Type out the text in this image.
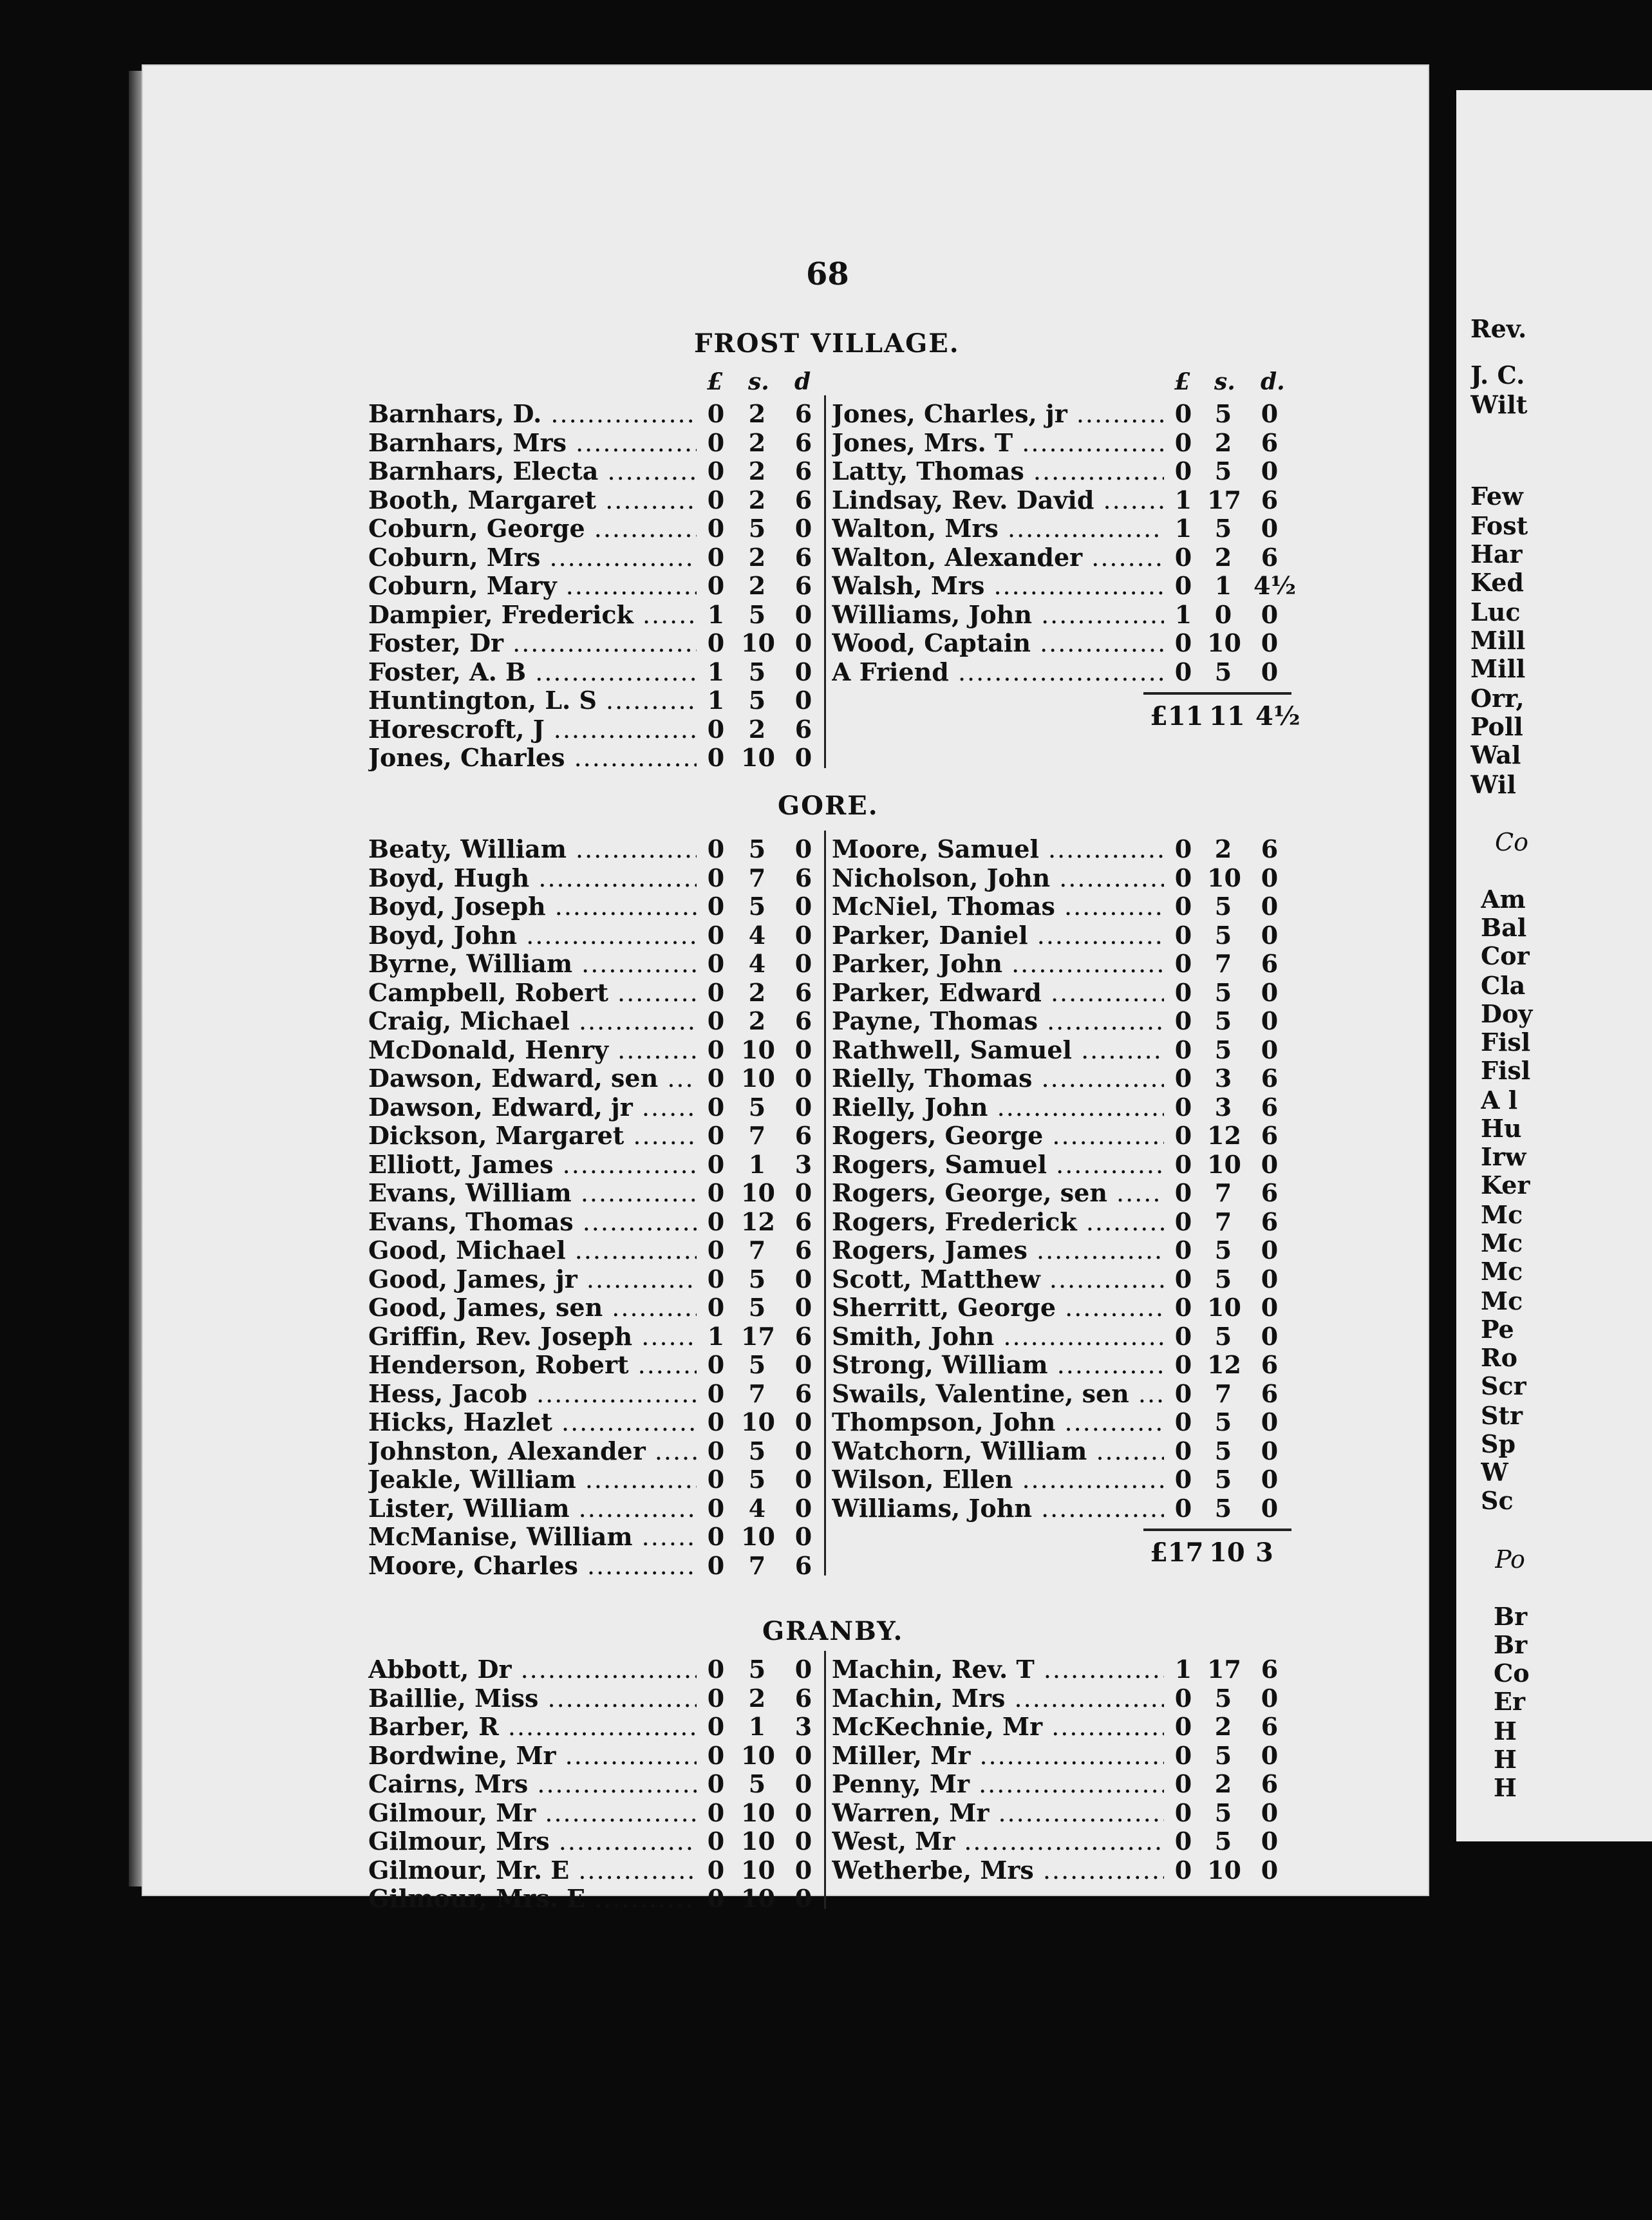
Rev.
J. C.
Wilt
Few
Fost
Har
Ked
Luc
Mill
Mill
Orr,
Poll
Wal
Wil
Co
Am
Bal
Cor
Cla
Doy
Fisl
Fisl
A l
Hu
Irw
Ker
Mc
Mc
Mc
Mc
Pe
Ro
Scr
Str
Sp
W
Sc
Po
Br
Br
Co
Er
H
H
H
68
FROST VILLAGE.
£ s. d	£ s. d.
Barnhars, D. .....	0 2	6
Barnhars, Mrs .....	0 2	6
Barnhars, Electa .....	0 2	6
Booth, Margaret .....	0 2	6
Coburn, George .....	0 5	0
Coburn, Mrs .....	0 2	6
Coburn, Mary .....	0 2	6
Dampier, Frederick .....	1 5	0
Foster, Dr .....	0 10 0
Foster, A. B .....	1 5	0
Huntington, L. S .....	1 5	0
Horescroft, J .....	0 2	6
Jones, Charles .....	0 10 0
Jones, Charles, jr .....	0 5	0
Jones, Mrs. T .....	0 2	6
Latty, Thomas .....	0 5	0
Lindsay, Rev. David .....	1 17 6
Walton, Mrs .....	1 5	0
Walton, Alexander .....	0 2	6
Walsh, Mrs .....	0 1 4½
Williams, John .....	1 0	0
Wood, Captain .....	0 10 0
A Friend .....	0 5	0
£11 11 4½
GORE.
Beaty, William .....	0 5	0
Boyd, Hugh .....	0 7	6
Boyd, Joseph .....	0 5	0
Boyd, John .....	0 4	0
Byrne, William .....	0 4	0
Campbell, Robert .....	0 2	6
Craig, Michael .....	0 2	6
McDonald, Henry .....	0 10 0
Dawson, Edward, sen .....	0 10 0
Dawson, Edward, jr .....	0 5	0
Dickson, Margaret .....	0 7	6
Elliott, James .....	0 1	3
Evans, William .....	0 10 0
Evans, Thomas .....	0 12 6
Good, Michael .....	0 7	6
Good, James, jr .....	0 5	0
Good, James, sen .....	0 5	0
Griffin, Rev. Joseph .....	1 17 6
Henderson, Robert .....	0 5	0
Hess, Jacob .....	0 7	6
Hicks, Hazlet .....	0 10 0
Johnston, Alexander .....	0 5	0
Jeakle, William .....	0 5	0
Lister, William .....	0 4	0
McManise, William .....	0 10 0
Moore, Charles .....	0 7	6
Moore, Samuel .....	0 2	6
Nicholson, John .....	0 10 0
McNiel, Thomas .....	0 5	0
Parker, Daniel .....	0 5	0
Parker, John .....	0 7	6
Parker, Edward .....	0 5	0
Payne, Thomas .....	0 5	0
Rathwell, Samuel .....	0 5	0
Rielly, Thomas .....	0 3	6
Rielly, John .....	0 3	6
Rogers, George .....	0 12 6
Rogers, Samuel .....	0 10 0
Rogers, George, sen .....	0 7	6
Rogers, Frederick .....	0 7	6
Rogers, James .....	0 5	0
Scott, Matthew .....	0 5	0
Sherritt, George .....	0 10 0
Smith, John .....	0 5	0
Strong, William .....	0 12 6
Swails, Valentine, sen .....	0 7	6
Thompson, John .....	0 5	0
Watchorn, William .....	0 5	0
Wilson, Ellen .....	0 5	0
Williams, John .....	0 5	0
£17 10 3
GRANBY.
Abbott, Dr .....	0 5	0
Baillie, Miss .....	0 2	6
Barber, R .....	0 1	3
Bordwine, Mr .....	0 10 0
Cairns, Mrs .....	0 5	0
Gilmour, Mr .....	0 10 0
Gilmour, Mrs .....	0 10 0
Gilmour, Mr. E .....	0 10 0
Gilmour, Mrs. E .....	0 10 0
Machin, Rev. T .....	1 17 6
Machin, Mrs .....	0 5	0
McKechnie, Mr .....	0 2	6
Miller, Mr .....	0 5	0
Penny, Mr .....	0 2	6
Warren, Mr .....	0 5	0
West, Mr .....	0 5	0
Wetherbe, Mrs .....	0 10 0
